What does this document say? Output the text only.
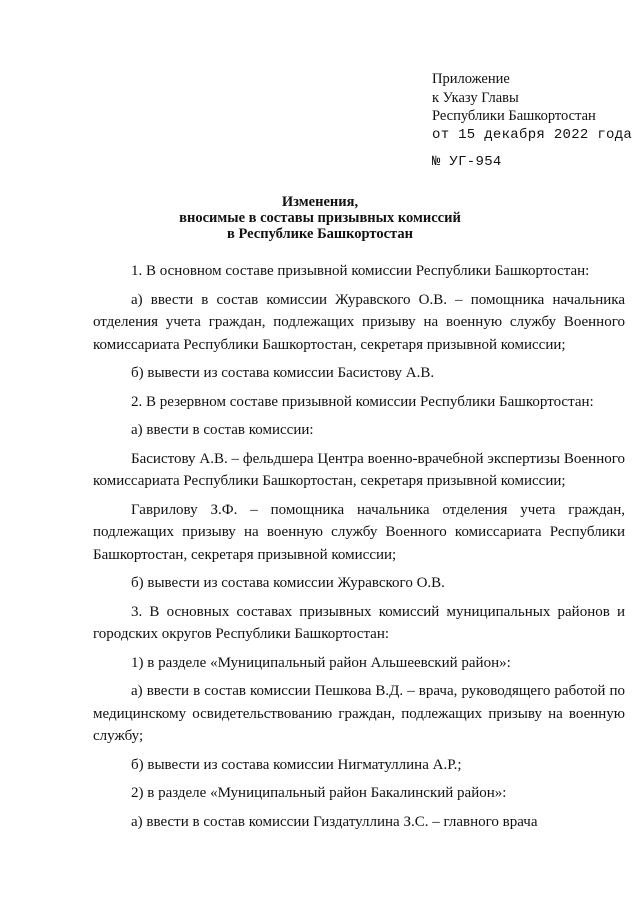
Приложение
к Указу Главы
Республики Башкортостан
от 15 декабря 2022 года
№ УГ-954
Изменения,
вносимые в составы призывных комиссий
в Республике Башкортостан

1. В основном составе призывной комиссии Республики Башкортостан:

а) ввести в состав комиссии Журавского О.В. – помощника начальника отделения учета граждан, подлежащих призыву на военную службу Военного комиссариата Республики Башкортостан, секретаря призывной комиссии;

б) вывести из состава комиссии Басистову А.В.

2. В резервном составе призывной комиссии Республики Башкортостан:

а) ввести в состав комиссии:

Басистову А.В. – фельдшера Центра военно-врачебной экспертизы Военного комиссариата Республики Башкортостан, секретаря призывной комиссии;

Гаврилову З.Ф. – помощника начальника отделения учета граждан, подлежащих призыву на военную службу Военного комиссариата Республики Башкортостан, секретаря призывной комиссии;

б) вывести из состава комиссии Журавского О.В.

3. В основных составах призывных комиссий муниципальных районов и городских округов Республики Башкортостан:

1) в разделе «Муниципальный район Альшеевский район»:

а) ввести в состав комиссии Пешкова В.Д. – врача, руководящего работой по медицинскому освидетельствованию граждан, подлежащих призыву на военную службу;

б) вывести из состава комиссии Нигматуллина А.Р.;

2) в разделе «Муниципальный район Бакалинский район»:

а) ввести в состав комиссии Гиздатуллина З.С. – главного врача
